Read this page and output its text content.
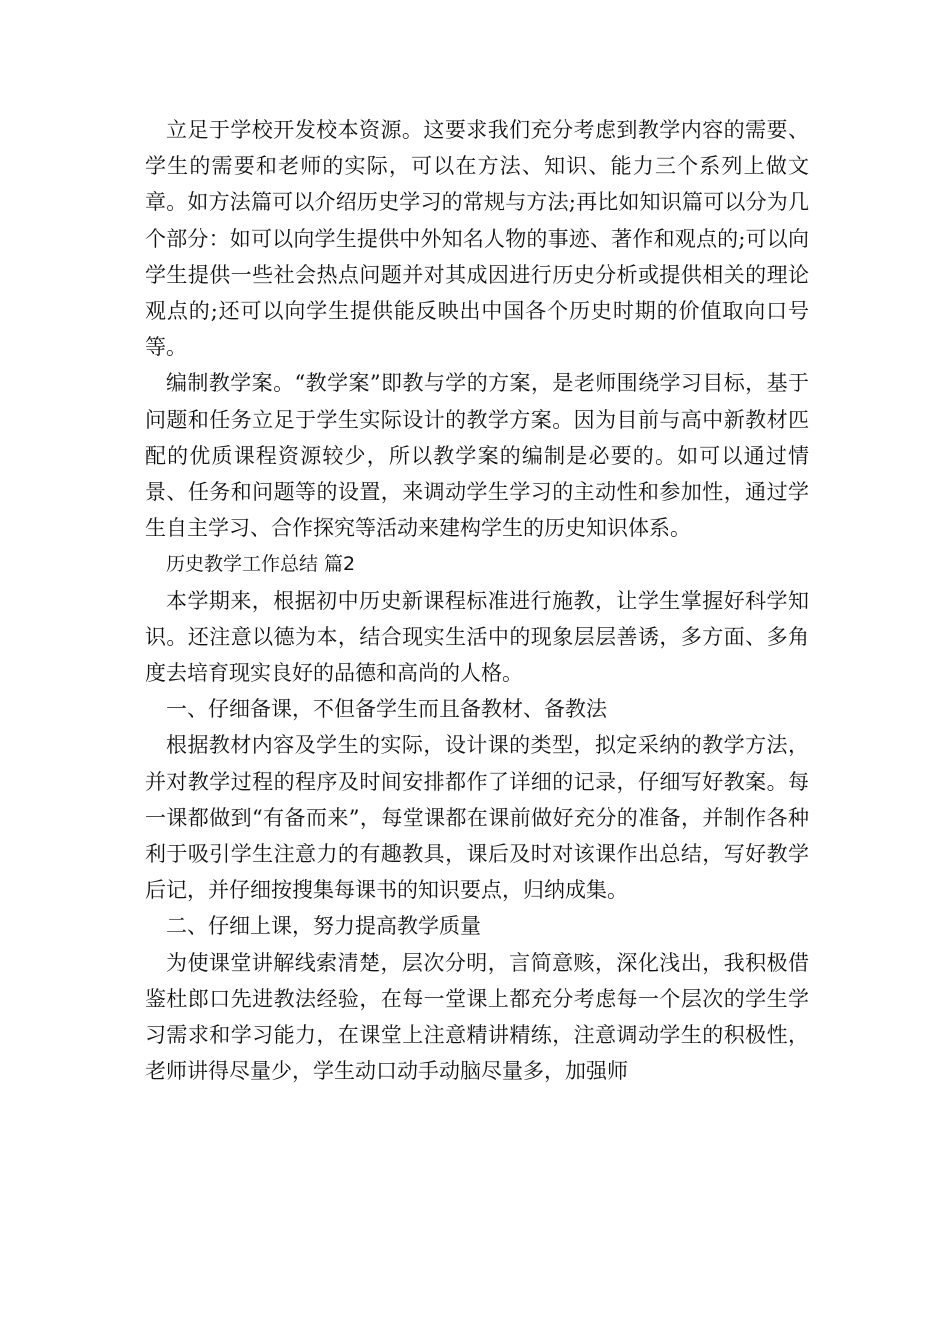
立足于学校开发校本资源。这要求我们充分考虑到教学内容的需要、学生的需要和老师的实际，可以在方法、知识、能力三个系列上做文章。如方法篇可以介绍历史学习的常规与方法;再比如知识篇可以分为几个部分：如可以向学生提供中外知名人物的事迹、著作和观点的;可以向学生提供一些社会热点问题并对其成因进行历史分析或提供相关的理论观点的;还可以向学生提供能反映出中国各个历史时期的价值取向口号等。

编制教学案。“教学案”即教与学的方案，是老师围绕学习目标，基于问题和任务立足于学生实际设计的教学方案。因为目前与高中新教材匹配的优质课程资源较少，所以教学案的编制是必要的。如可以通过情景、任务和问题等的设置，来调动学生学习的主动性和参加性，通过学生自主学习、合作探究等活动来建构学生的历史知识体系。

历史教学工作总结 篇2

本学期来，根据初中历史新课程标准进行施教，让学生掌握好科学知识。还注意以德为本，结合现实生活中的现象层层善诱，多方面、多角度去培育现实良好的品德和高尚的人格。

一、仔细备课，不但备学生而且备教材、备教法

根据教材内容及学生的实际，设计课的类型，拟定采纳的教学方法，并对教学过程的程序及时间安排都作了详细的记录，仔细写好教案。每一课都做到“有备而来”，每堂课都在课前做好充分的准备，并制作各种利于吸引学生注意力的有趣教具，课后及时对该课作出总结，写好教学后记，并仔细按搜集每课书的知识要点，归纳成集。

二、仔细上课，努力提高教学质量

为使课堂讲解线索清楚，层次分明，言简意赅，深化浅出，我积极借鉴杜郎口先进教法经验，在每一堂课上都充分考虑每一个层次的学生学习需求和学习能力，在课堂上注意精讲精练，注意调动学生的积极性，老师讲得尽量少，学生动口动手动脑尽量多，加强师
